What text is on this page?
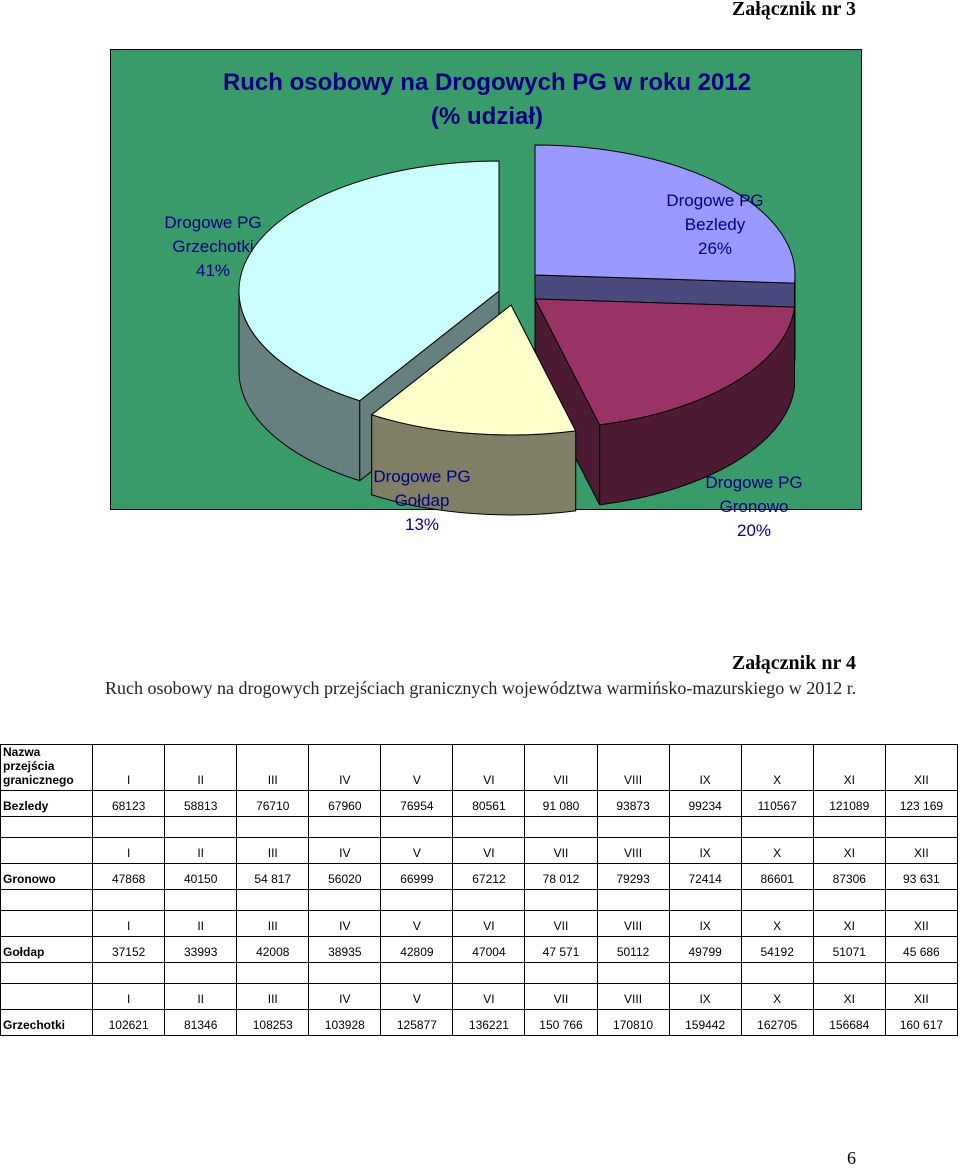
Załącznik nr 3
Ruch osobowy na Drogowych PG w roku 2012
(% udział)
Drogowe PG Bezledy 26%
Drogowe PG Gronowo 20%
Drogowe PG Gołdap 13%
Drogowe PG Grzechotki 41%
Załącznik nr 4
Ruch osobowy na drogowych przejściach granicznych województwa warmińsko-mazurskiego w 2012 r.
Nazwa
przejścia
granicznego	I	II	III	IV	V	VI	VII	VIII	IX	X	XI	XII
Bezledy	68123	58813	76710	67960	76954	80561	91 080	93873	99234	110567	121089	123 169

	I	II	III	IV	V	VI	VII	VIII	IX	X	XI	XII
Gronowo	47868	40150	54 817	56020	66999	67212	78 012	79293	72414	86601	87306	93 631

	I	II	III	IV	V	VI	VII	VIII	IX	X	XI	XII
Gołdap	37152	33993	42008	38935	42809	47004	47 571	50112	49799	54192	51071	45 686

	I	II	III	IV	V	VI	VII	VIII	IX	X	XI	XII
Grzechotki	102621	81346	108253	103928	125877	136221	150 766	170810	159442	162705	156684	160 617
6
